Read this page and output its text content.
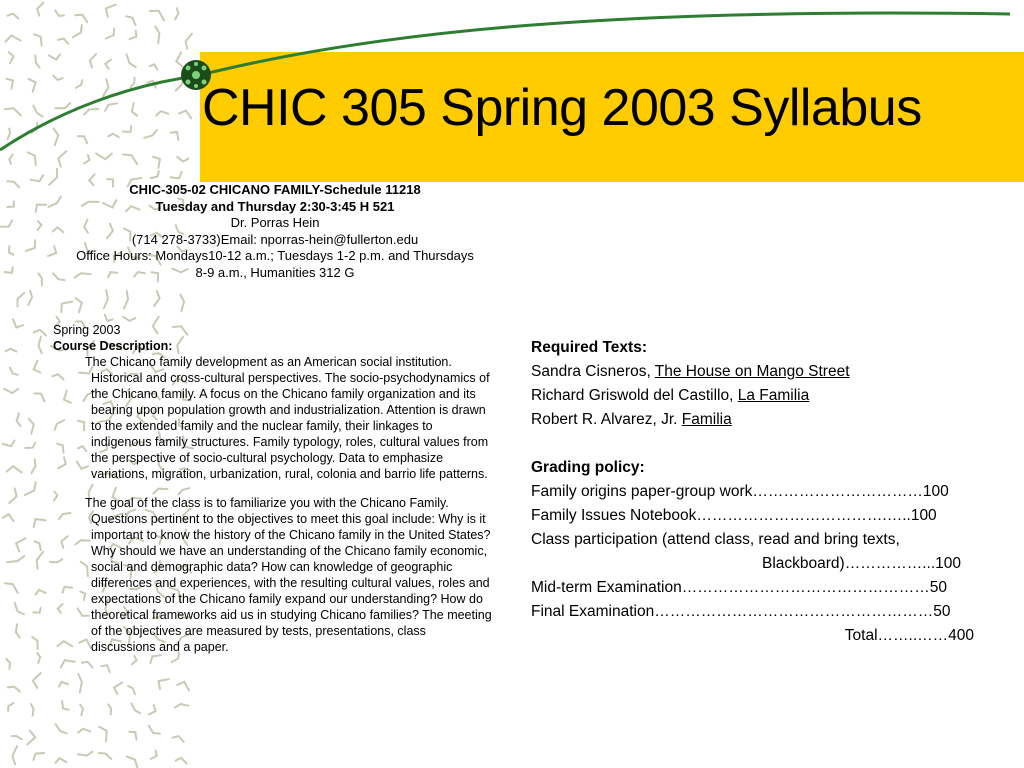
CHIC 305 Spring 2003 Syllabus
CHIC-305-02 CHICANO FAMILY-Schedule 11218
Tuesday and Thursday 2:30-3:45 H 521
Dr. Porras Hein
(714 278-3733)Email: nporras-hein@fullerton.edu
Office Hours: Mondays10-12 a.m.; Tuesdays 1-2 p.m. and Thursdays
8-9 a.m., Humanities 312 G
Spring 2003
Course Description:

The Chicano family development as an American social institution. Historical and cross-cultural perspectives. The socio-psychodynamics of the Chicano family. A focus on the Chicano family organization and its bearing upon population growth and industrialization. Attention is drawn to the extended family and the nuclear family, their linkages to indigenous family structures. Family typology, roles, cultural values from the perspective of socio-cultural psychology. Data to emphasize variations, migration, urbanization, rural, colonia and barrio life patterns.

The goal of the class is to familiarize you with the Chicano Family. Questions pertinent to the objectives to meet this goal include: Why is it important to know the history of the Chicano family in the United States? Why should we have an understanding of the Chicano family economic, social and demographic data? How can knowledge of geographic differences and experiences, with the resulting cultural values, roles and expectations of the Chicano family expand our understanding? How do theoretical frameworks aid us in studying Chicano families? The meeting of the objectives are measured by tests, presentations, class discussions and a paper.

Required Texts:
Sandra Cisneros, The House on Mango Street
Richard Griswold del Castillo, La Familia
Robert R. Alvarez, Jr. Familia
Grading policy:
Family origins paper-group work……………………………100
Family Issues Notebook……………………………….…..100
Class participation (attend class, read and bring texts,
Blackboard)……………...100
Mid-term Examination…………………………………………50
Final Examination………………………………………………50
Total……..……400
